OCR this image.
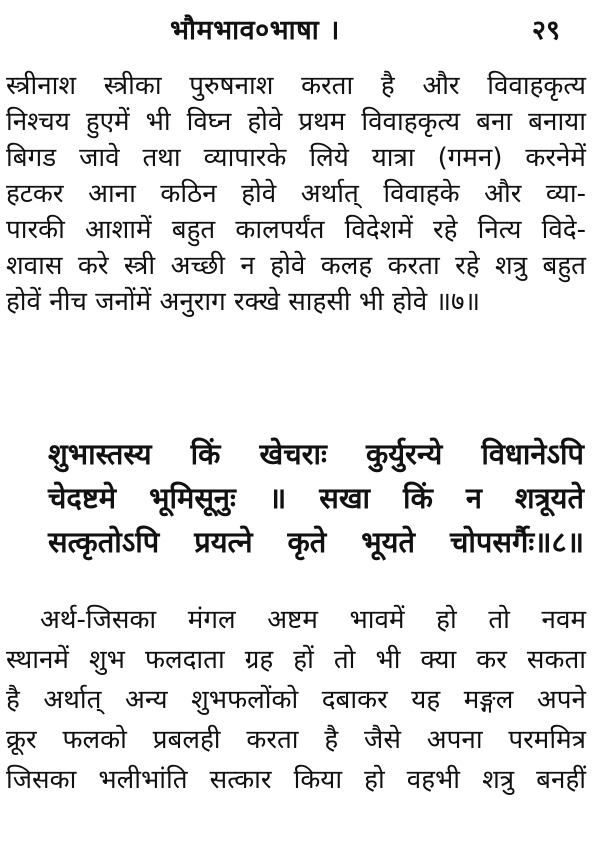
भौमभाव०भाषा ।	२९
स्त्रीनाश स्त्रीका पुरुषनाश करता है और विवाहकृत्य
निश्चय हुएमें भी विघ्न होवे प्रथम विवाहकृत्य बना बनाया
बिगड जावे तथा व्यापारके लिये यात्रा (गमन) करनेमें
हटकर आना कठिन होवे अर्थात् विवाहके और व्या-
पारकी आशामें बहुत कालपर्यंत विदेशमें रहे नित्य विदे-
शवास करे स्त्री अच्छी न होवे कलह करता रहे शत्रु बहुत
होवें नीच जनोंमें अनुराग रक्खे साहसी भी होवे ॥७॥
शुभास्तस्य किं खेचराः कुर्युरन्ये विधानेऽपि
चेदष्टमे भूमिसूनुः ॥ सखा किं न शत्रूयते
सत्कृतोऽपि प्रयत्ने कृते भूयते चोपसर्गैः॥८॥
अर्थ-जिसका मंगल अष्टम भावमें हो तो नवम
स्थानमें शुभ फलदाता ग्रह हों तो भी क्या कर सकता
है अर्थात् अन्य शुभफलोंको दबाकर यह मङ्गल अपने
क्रूर फलको प्रबलही करता है जैसे अपना परममित्र
जिसका भलीभांति सत्कार किया हो वहभी शत्रु बनहीं
